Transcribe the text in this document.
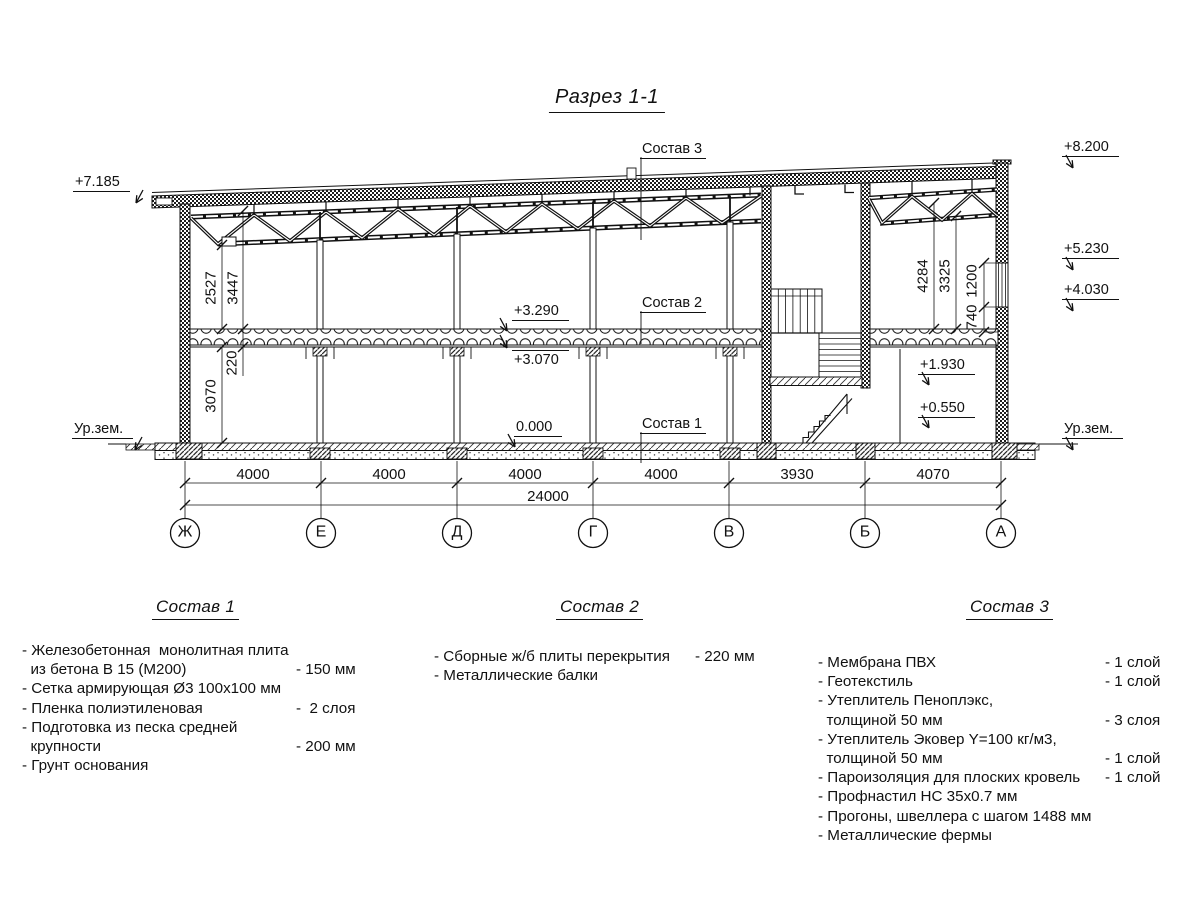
Разрез 1-1
+7.185
Ур.зем.
+8.200
+5.230
+4.030
Ур.зем.
+3.290
+3.070
0.000
+1.930
+0.550
2527 3447
220
3070
4284 3325 1200
740
Состав 3
Состав 2
Состав 1
4000	4000	4000	4000	3930	4070
24000
Ж	Е	Д	Г	В	Б	А
Состав 1
- Железобетонная  монолитная плита
из бетона В 15 (М200)	- 150 мм
- Сетка армирующая Ø3 100x100 мм
- Пленка полиэтиленовая	-  2 слоя
- Подготовка из песка средней
крупности	- 200 мм
- Грунт основания
Состав 2
- Сборные ж/б плиты перекрытия	- 220 мм
- Металлические балки
Состав 3
- Мембрана ПВХ	- 1 слой
- Геотекстиль	- 1 слой
- Утеплитель Пеноплэкс,
толщиной 50 мм	- 3 слоя
- Утеплитель Эковер Y=100 кг/м3,
толщиной 50 мм	- 1 слой
- Пароизоляция для плоских кровель	- 1 слой
- Профнастил НС 35x0.7 мм
- Прогоны, швеллера с шагом 1488 мм
- Металлические фермы
